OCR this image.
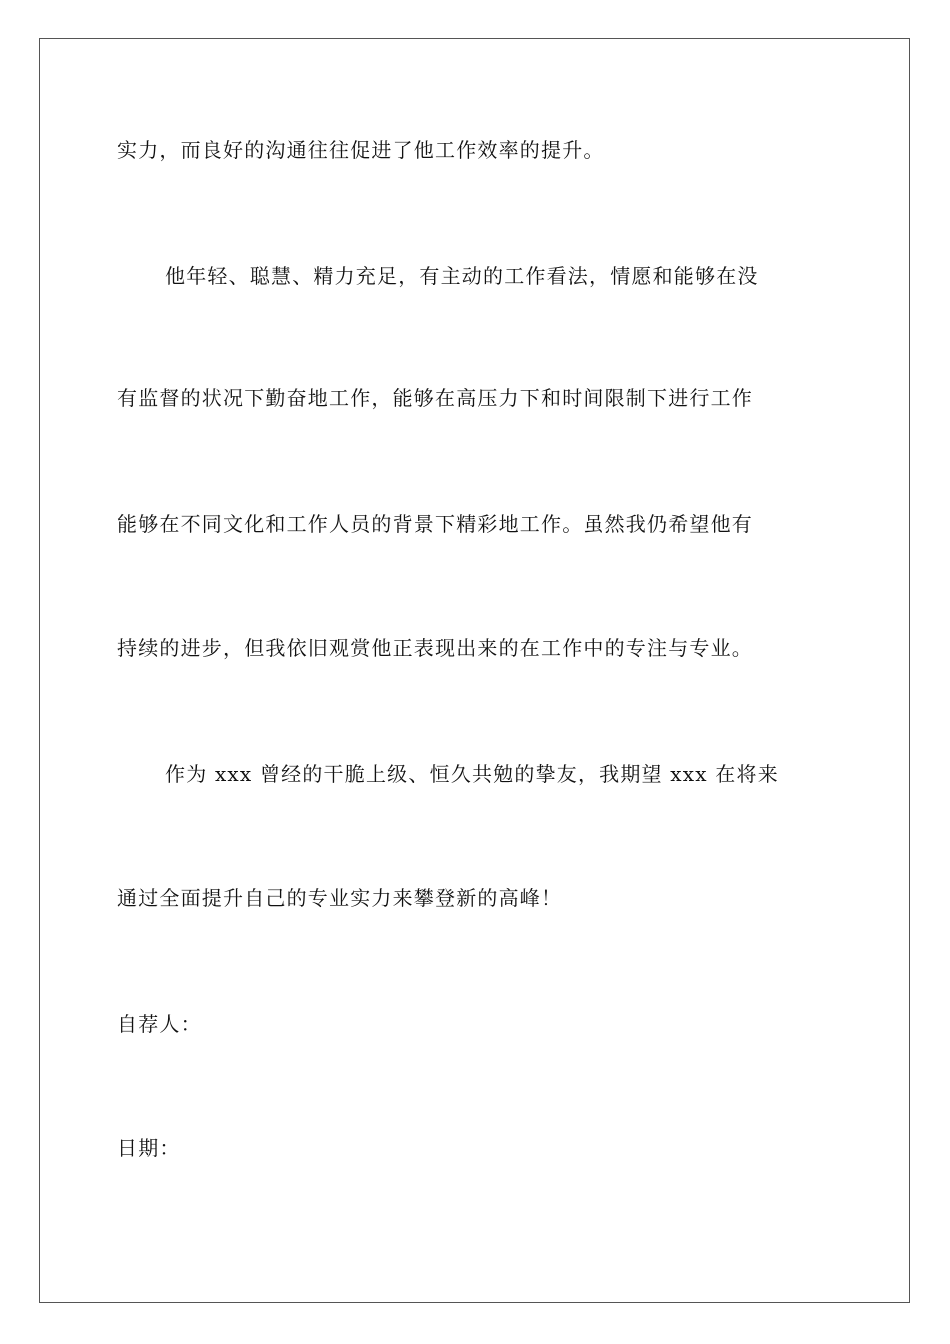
实力，而良好的沟通往往促进了他工作效率的提升。

他年轻、聪慧、精力充足，有主动的工作看法，情愿和能够在没

有监督的状况下勤奋地工作，能够在高压力下和时间限制下进行工作

能够在不同文化和工作人员的背景下精彩地工作。虽然我仍希望他有

持续的进步，但我依旧观赏他正表现出来的在工作中的专注与专业。

作为 xxx 曾经的干脆上级、恒久共勉的挚友，我期望 xxx 在将来

通过全面提升自己的专业实力来攀登新的高峰！

自荐人：

日期：
